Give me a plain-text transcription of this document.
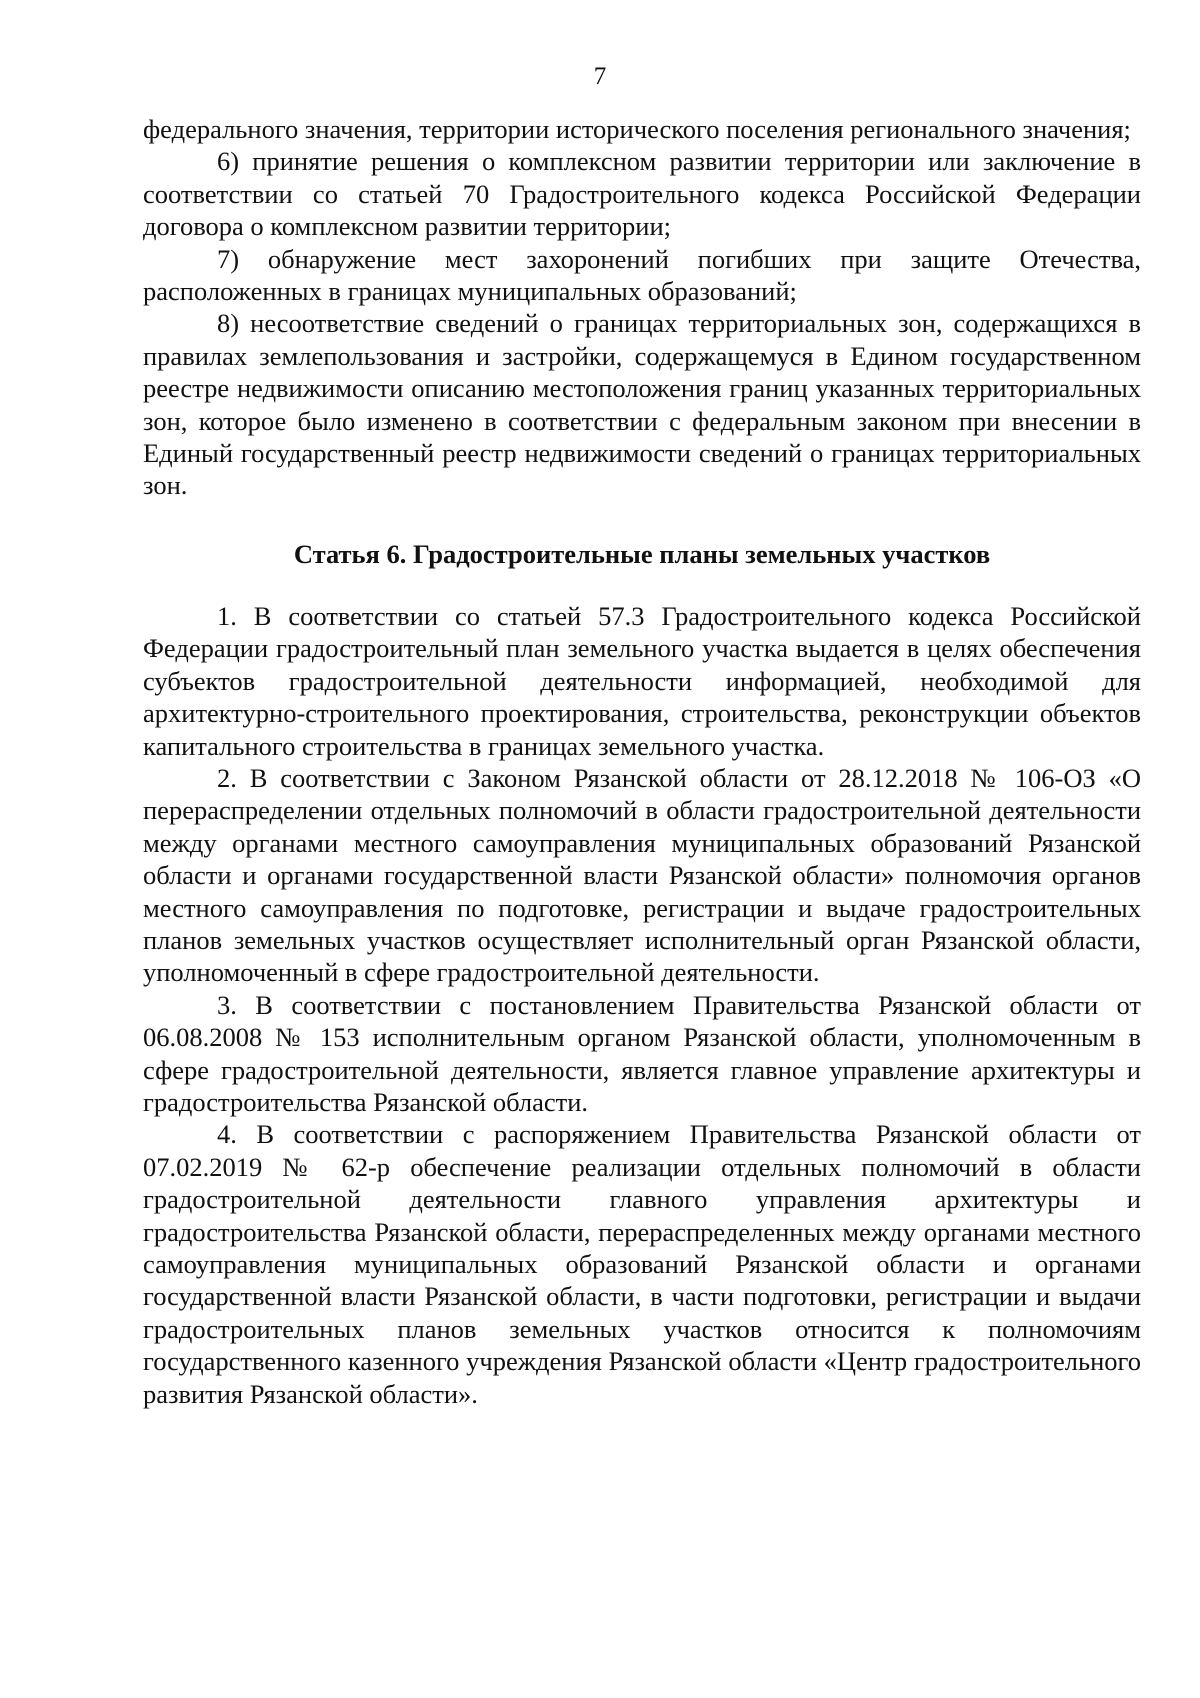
7

федерального значения, территории исторического поселения регионального значения;

6) принятие решения о комплексном развитии территории или заключение в соответствии со статьей 70 Градостроительного кодекса Российской Федерации договора о комплексном развитии территории;

7) обнаружение мест захоронений погибших при защите Отечества, расположенных в границах муниципальных образований;

8) несоответствие сведений о границах территориальных зон, содержащихся в правилах землепользования и застройки, содержащемуся в Едином государственном реестре недвижимости описанию местоположения границ указанных территориальных зон, которое было изменено в соответствии с федеральным законом при внесении в Единый государственный реестр недвижимости сведений о границах территориальных зон.

Статья 6. Градостроительные планы земельных участков

1. В соответствии со статьей 57.3 Градостроительного кодекса Российской Федерации градостроительный план земельного участка выдается в целях обеспечения субъектов градостроительной деятельности информацией, необходимой для архитектурно-строительного проектирования, строительства, реконструкции объектов капитального строительства в границах земельного участка.

2. В соответствии с Законом Рязанской области от 28.12.2018 № 106-ОЗ «О перераспределении отдельных полномочий в области градостроительной деятельности между органами местного самоуправления муниципальных образований Рязанской области и органами государственной власти Рязанской области» полномочия органов местного самоуправления по подготовке, регистрации и выдаче градостроительных планов земельных участков осуществляет исполнительный орган Рязанской области, уполномоченный в сфере градостроительной деятельности.

3. В соответствии с постановлением Правительства Рязанской области от 06.08.2008 № 153 исполнительным органом Рязанской области, уполномоченным в сфере градостроительной деятельности, является главное управление архитектуры и градостроительства Рязанской области.

4. В соответствии с распоряжением Правительства Рязанской области от 07.02.2019 № 62-р обеспечение реализации отдельных полномочий в области градостроительной деятельности главного управления архитектуры и градостроительства Рязанской области, перераспределенных между органами местного самоуправления муниципальных образований Рязанской области и органами государственной власти Рязанской области, в части подготовки, регистрации и выдачи градостроительных планов земельных участков относится к полномочиям государственного казенного учреждения Рязанской области «Центр градостроительного развития Рязанской области».
